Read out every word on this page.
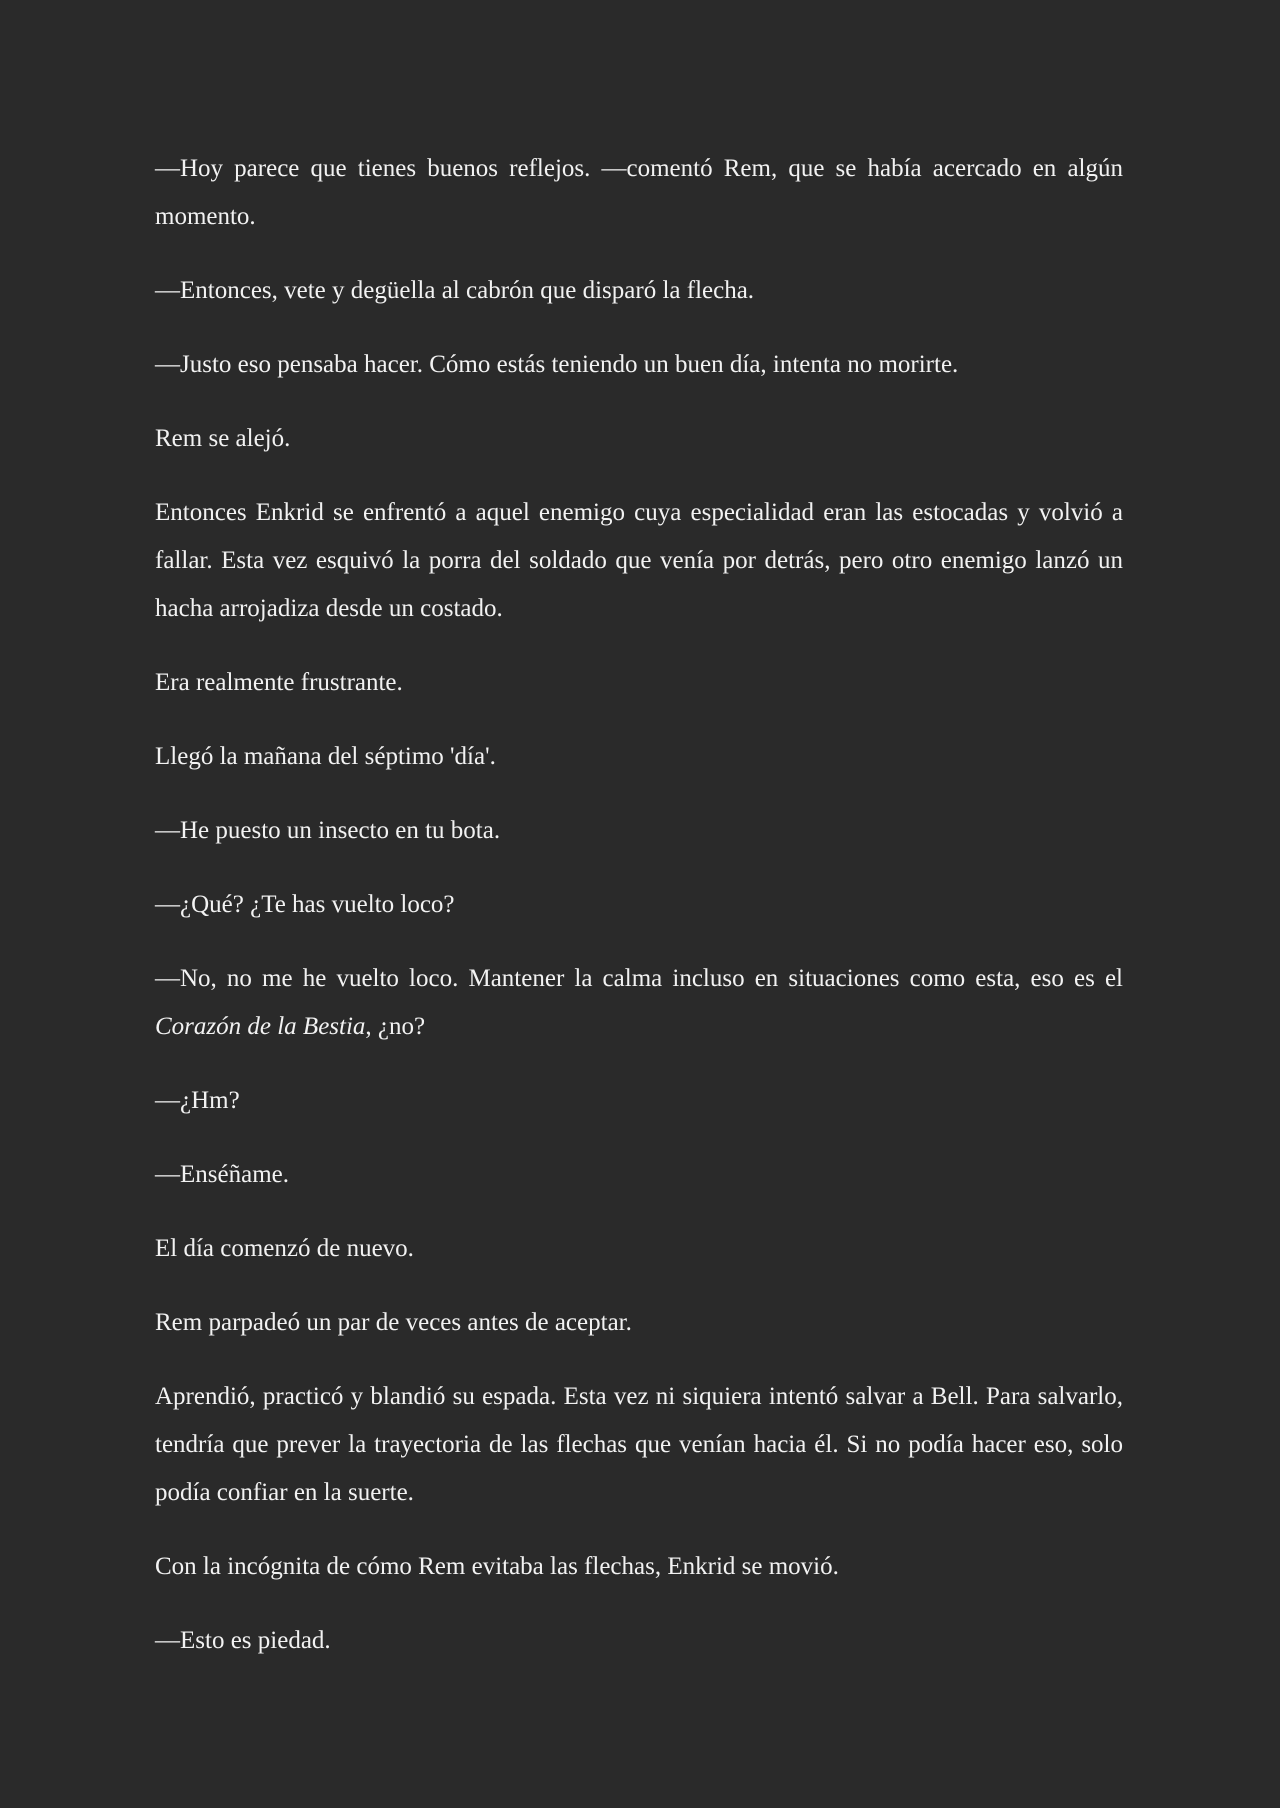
—Hoy parece que tienes buenos reflejos. —comentó Rem, que se había acercado en algún momento.

—Entonces, vete y degüella al cabrón que disparó la flecha.

—Justo eso pensaba hacer. Cómo estás teniendo un buen día, intenta no morirte.

Rem se alejó.

Entonces Enkrid se enfrentó a aquel enemigo cuya especialidad eran las estocadas y volvió a fallar. Esta vez esquivó la porra del soldado que venía por detrás, pero otro enemigo lanzó un hacha arrojadiza desde un costado.

Era realmente frustrante.

Llegó la mañana del séptimo 'día'.

—He puesto un insecto en tu bota.

—¿Qué? ¿Te has vuelto loco?

—No, no me he vuelto loco. Mantener la calma incluso en situaciones como esta, eso es el Corazón de la Bestia, ¿no?

—¿Hm?

—Enséñame.

El día comenzó de nuevo.

Rem parpadeó un par de veces antes de aceptar.

Aprendió, practicó y blandió su espada. Esta vez ni siquiera intentó salvar a Bell. Para salvarlo, tendría que prever la trayectoria de las flechas que venían hacia él. Si no podía hacer eso, solo podía confiar en la suerte.

Con la incógnita de cómo Rem evitaba las flechas, Enkrid se movió.

—Esto es piedad.
